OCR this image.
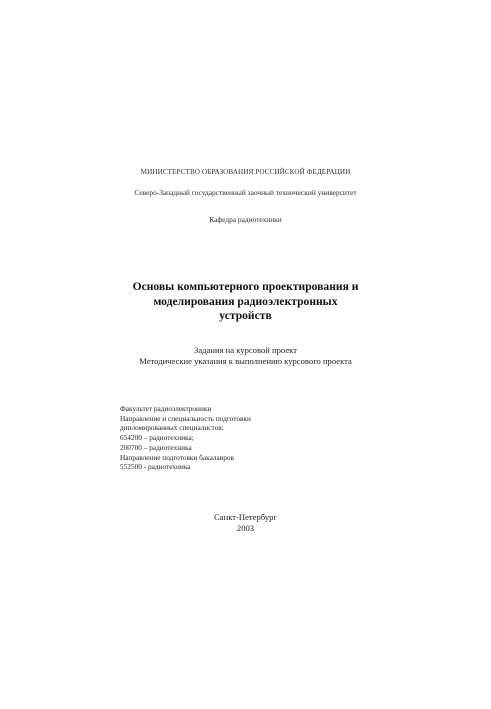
МИНИСТЕРСТВО ОБРАЗОВАНИЯ РОССИЙСКОЙ ФЕДЕРАЦИИ
Северо-Западный государственный заочный технический университет
Кафедра радиотехники
Основы компьютерного проектирования и
моделирования радиоэлектронных
устройств
Задания на курсовой проект
Методические указания к выполнению курсового проекта
Факультет радиоэлектроники
Направление и специальность подготовки
дипломированных специалистов:
654200 – радиотехника;
200700 – радиотехника
Направление подготовки бакалавров
552500 - радиотехника
Санкт-Петербург
2003
